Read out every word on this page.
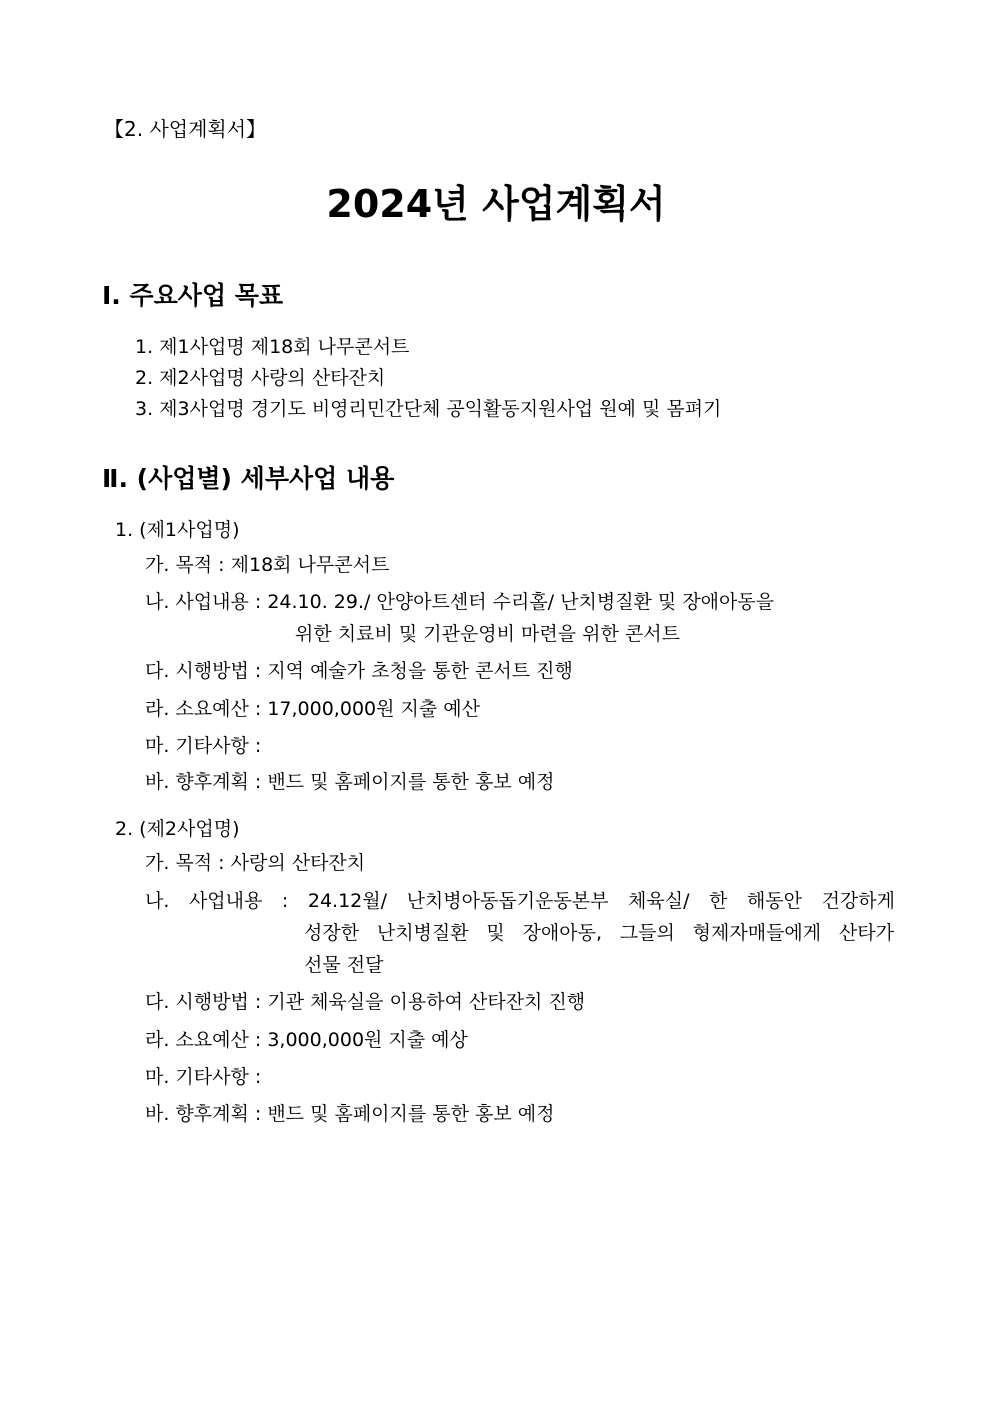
【2. 사업계획서】
2024년 사업계획서
Ⅰ. 주요사업 목표
1. 제1사업명 제18회 나무콘서트
2. 제2사업명 사랑의 산타잔치
3. 제3사업명 경기도 비영리민간단체 공익활동지원사업 원예 및 몸펴기
Ⅱ. (사업별) 세부사업 내용
1. (제1사업명)
가. 목적 : 제18회 나무콘서트
나. 사업내용 : 24.10. 29./ 안양아트센터 수리홀/ 난치병질환 및 장애아동을
위한 치료비 및 기관운영비 마련을 위한 콘서트
다. 시행방법 : 지역 예술가 초청을 통한 콘서트 진행
라. 소요예산 : 17,000,000원 지출 예산
마. 기타사항 :
바. 향후계획 : 밴드 및 홈페이지를 통한 홍보 예정
2. (제2사업명)
가. 목적 : 사랑의 산타잔치
나. 사업내용 : 24.12월/ 난치병아동돕기운동본부 체육실/ 한 해동안 건강하게
성장한 난치병질환 및 장애아동, 그들의 형제자매들에게 산타가
선물 전달
다. 시행방법 : 기관 체육실을 이용하여 산타잔치 진행
라. 소요예산 : 3,000,000원 지출 예상
마. 기타사항 :
바. 향후계획 : 밴드 및 홈페이지를 통한 홍보 예정
